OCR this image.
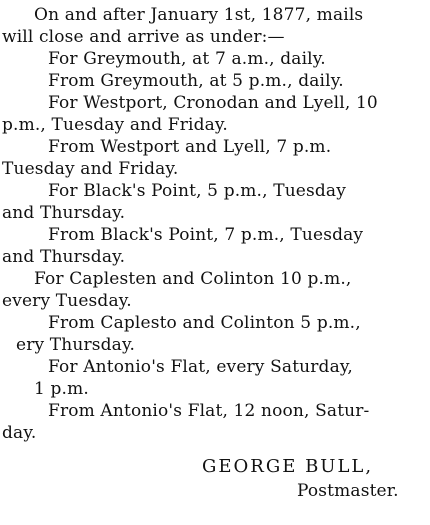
On and after January 1st, 1877, mails
will close and arrive as under:—
For Greymouth, at 7 a.m., daily.
From Greymouth, at 5 p.m., daily.
For Westport, Cronodan and Lyell, 10
p.m., Tuesday and Friday.
From Westport and Lyell, 7 p.m.
Tuesday and Friday.
For Black's Point, 5 p.m., Tuesday
and Thursday.
From Black's Point, 7 p.m., Tuesday
and Thursday.
For Caplesten and Colinton 10 p.m.,
every Tuesday.
From Caplesto and Colinton 5 p.m.,
ery Thursday.
For Antonio's Flat, every Saturday,
1 p.m.
From Antonio's Flat, 12 noon, Satur-
day.
GEORGE BULL,
Postmaster.
